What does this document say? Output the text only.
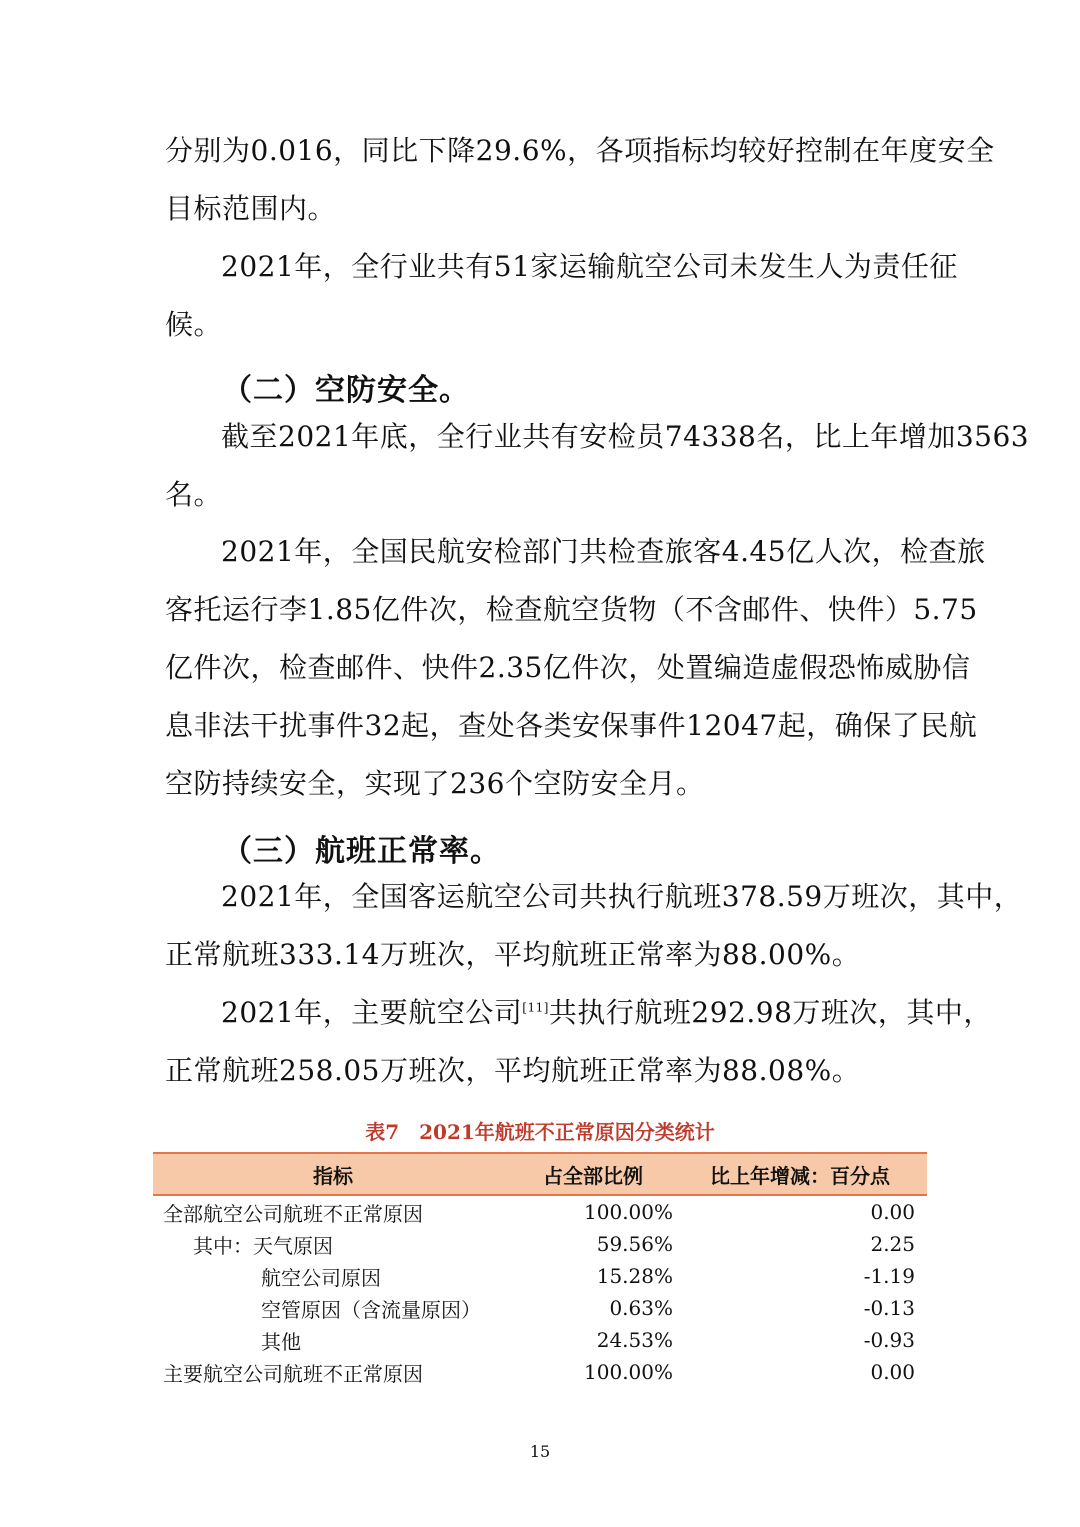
分别为0.016，同比下降29.6%，各项指标均较好控制在年度安全
目标范围内。
2021年，全行业共有51家运输航空公司未发生人为责任征
候。
（二）空防安全。
截至2021年底，全行业共有安检员74338名，比上年增加3563
名。
2021年，全国民航安检部门共检查旅客4.45亿人次，检查旅
客托运行李1.85亿件次，检查航空货物（不含邮件、快件）5.75
亿件次，检查邮件、快件2.35亿件次，处置编造虚假恐怖威胁信
息非法干扰事件32起，查处各类安保事件12047起，确保了民航
空防持续安全，实现了236个空防安全月。
（三）航班正常率。
2021年，全国客运航空公司共执行航班378.59万班次，其中，
正常航班333.14万班次，平均航班正常率为88.00%。
2021年，主要航空公司[11]共执行航班292.98万班次，其中，
正常航班258.05万班次，平均航班正常率为88.08%。
表7　2021年航班不正常原因分类统计
指标	占全部比例	比上年增减：百分点
全部航空公司航班不正常原因	100.00%	0.00
其中：天气原因	59.56%	2.25
航空公司原因	15.28%	-1.19
空管原因（含流量原因）	0.63%	-0.13
其他	24.53%	-0.93
主要航空公司航班不正常原因	100.00%	0.00
15
